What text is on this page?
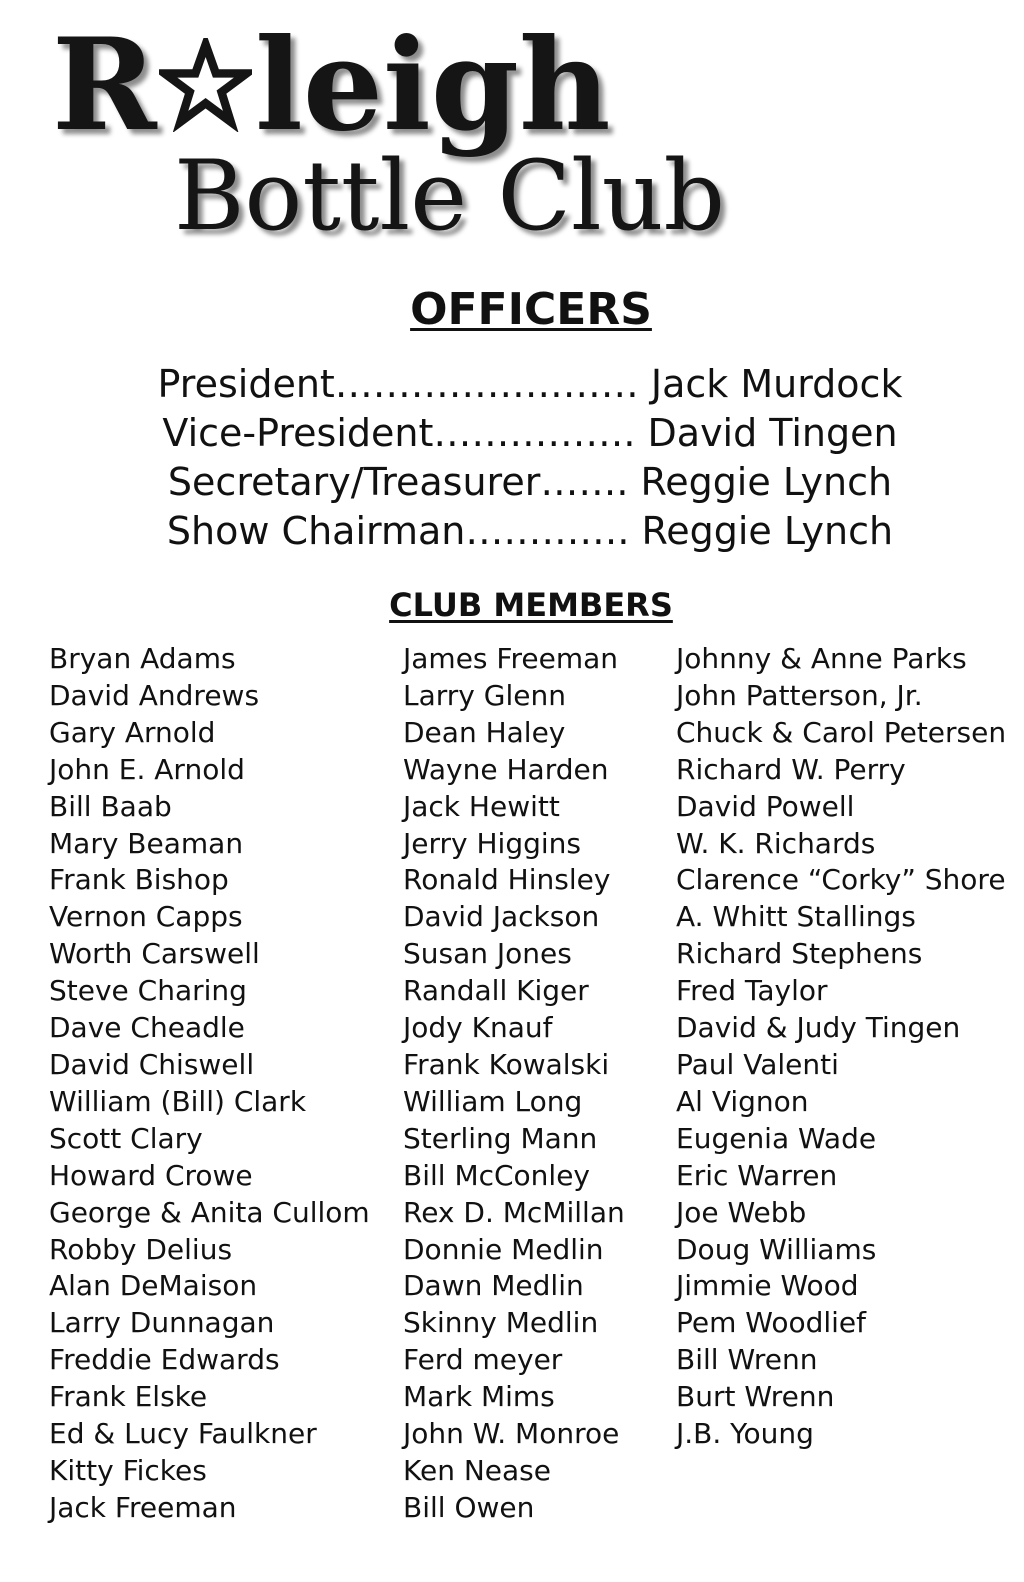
R leigh
Bottle Club
OFFICERS
President…………………… Jack Murdock
Vice-President……………. David Tingen
Secretary/Treasurer……. Reggie Lynch
Show Chairman…………. Reggie Lynch
CLUB MEMBERS
Bryan Adams
David Andrews
Gary Arnold
John E. Arnold
Bill Baab
Mary Beaman
Frank Bishop
Vernon Capps
Worth Carswell
Steve Charing
Dave Cheadle
David Chiswell
William (Bill) Clark
Scott Clary
Howard Crowe
George & Anita Cullom
Robby Delius
Alan DeMaison
Larry Dunnagan
Freddie Edwards
Frank Elske
Ed & Lucy Faulkner
Kitty Fickes
Jack Freeman
James Freeman
Larry Glenn
Dean Haley
Wayne Harden
Jack Hewitt
Jerry Higgins
Ronald Hinsley
David Jackson
Susan Jones
Randall Kiger
Jody Knauf
Frank Kowalski
William Long
Sterling Mann
Bill McConley
Rex D. McMillan
Donnie Medlin
Dawn Medlin
Skinny Medlin
Ferd meyer
Mark Mims
John W. Monroe
Ken Nease
Bill Owen
Johnny & Anne Parks
John Patterson, Jr.
Chuck & Carol Petersen
Richard W. Perry
David Powell
W. K. Richards
Clarence “Corky” Shore
A. Whitt Stallings
Richard Stephens
Fred Taylor
David & Judy Tingen
Paul Valenti
Al Vignon
Eugenia Wade
Eric Warren
Joe Webb
Doug Williams
Jimmie Wood
Pem Woodlief
Bill Wrenn
Burt Wrenn
J.B. Young
